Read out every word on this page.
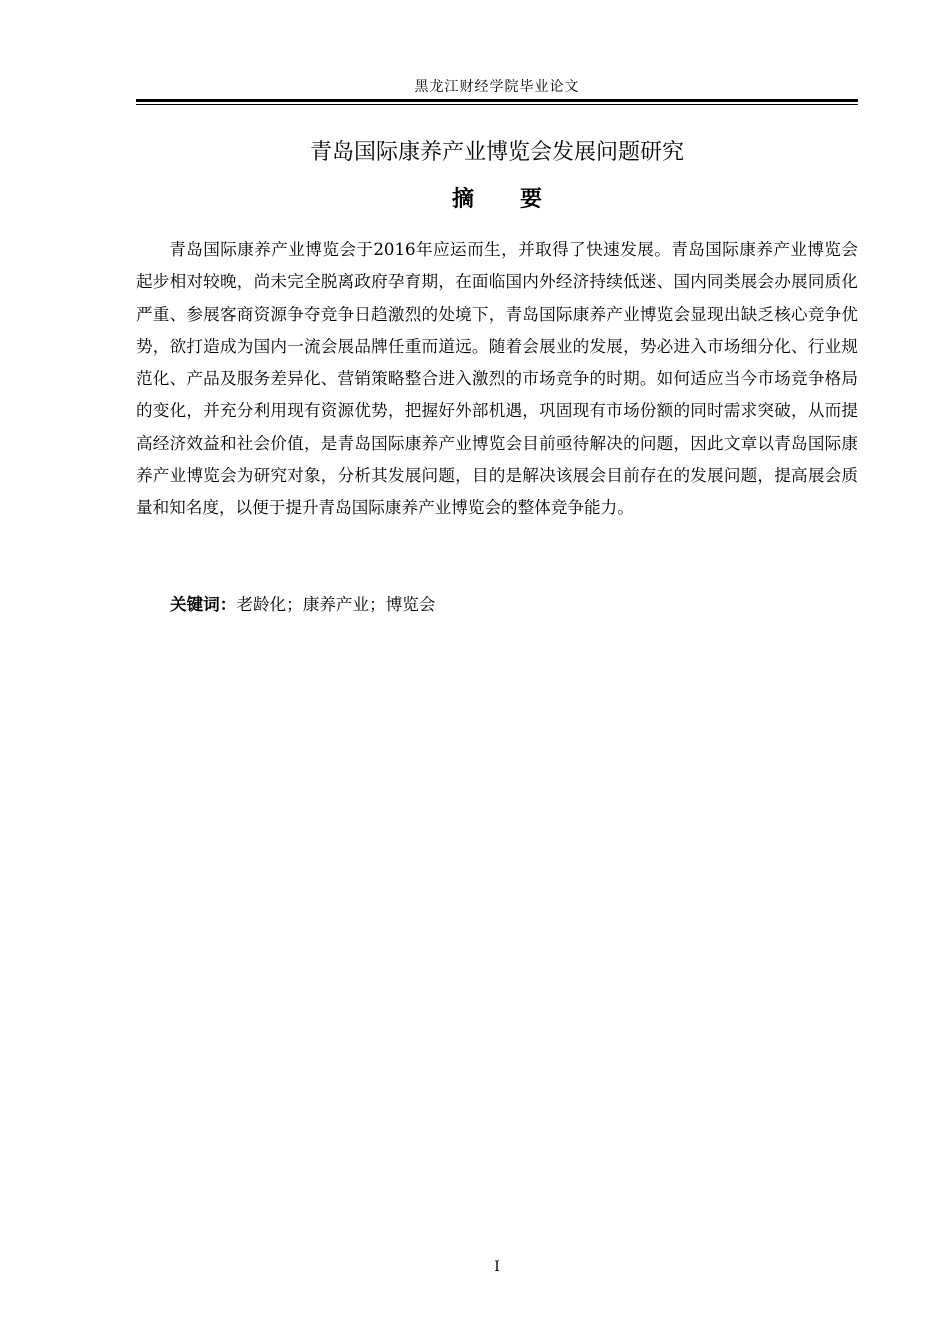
黑龙江财经学院毕业论文
青岛国际康养产业博览会发展问题研究
摘 要

青岛国际康养产业博览会于2016年应运而生，并取得了快速发展。青岛国际康养产业博览会起步相对较晚，尚未完全脱离政府孕育期，在面临国内外经济持续低迷、国内同类展会办展同质化严重、参展客商资源争夺竞争日趋激烈的处境下，青岛国际康养产业博览会显现出缺乏核心竞争优势，欲打造成为国内一流会展品牌任重而道远。随着会展业的发展，势必进入市场细分化、行业规范化、产品及服务差异化、营销策略整合进入激烈的市场竞争的时期。如何适应当今市场竞争格局的变化，并充分利用现有资源优势，把握好外部机遇，巩固现有市场份额的同时需求突破，从而提高经济效益和社会价值，是青岛国际康养产业博览会目前亟待解决的问题，因此文章以青岛国际康养产业博览会为研究对象，分析其发展问题，目的是解决该展会目前存在的发展问题，提高展会质量和知名度，以便于提升青岛国际康养产业博览会的整体竞争能力。

关键词：老龄化；康养产业；博览会

I
